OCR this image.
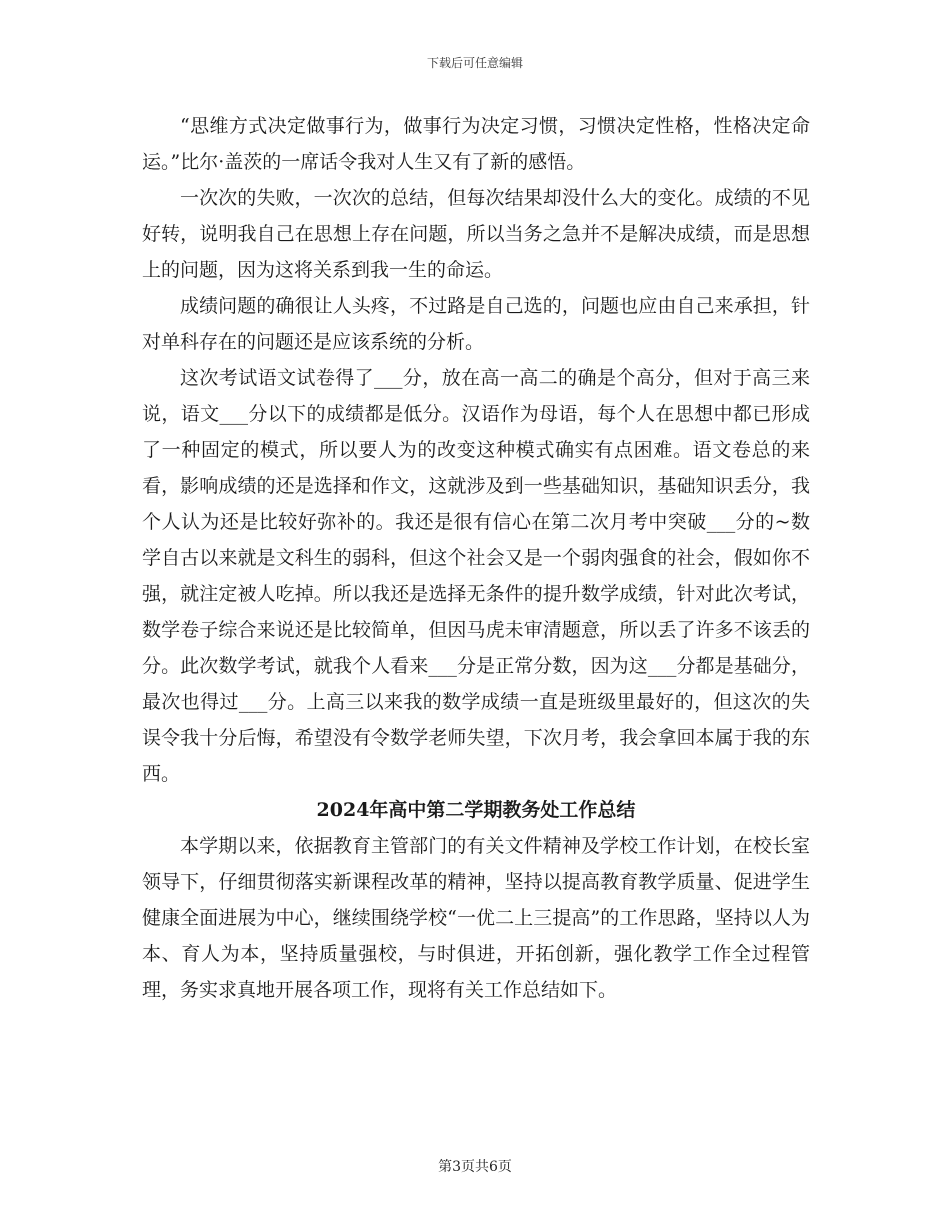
下载后可任意编辑

“思维方式决定做事行为，做事行为决定习惯，习惯决定性格，性格决定命运。”比尔·盖茨的一席话令我对人生又有了新的感悟。

一次次的失败，一次次的总结，但每次结果却没什么大的变化。成绩的不见好转，说明我自己在思想上存在问题，所以当务之急并不是解决成绩，而是思想上的问题，因为这将关系到我一生的命运。

成绩问题的确很让人头疼，不过路是自己选的，问题也应由自己来承担，针对单科存在的问题还是应该系统的分析。

这次考试语文试卷得了___分，放在高一高二的确是个高分，但对于高三来说，语文___分以下的成绩都是低分。汉语作为母语，每个人在思想中都已形成了一种固定的模式，所以要人为的改变这种模式确实有点困难。语文卷总的来看，影响成绩的还是选择和作文，这就涉及到一些基础知识，基础知识丢分，我个人认为还是比较好弥补的。我还是很有信心在第二次月考中突破___分的~数学自古以来就是文科生的弱科，但这个社会又是一个弱肉强食的社会，假如你不强，就注定被人吃掉。所以我还是选择无条件的提升数学成绩，针对此次考试，数学卷子综合来说还是比较简单，但因马虎未审清题意，所以丢了许多不该丢的分。此次数学考试，就我个人看来___分是正常分数，因为这___分都是基础分，最次也得过___分。上高三以来我的数学成绩一直是班级里最好的，但这次的失误令我十分后悔，希望没有令数学老师失望，下次月考，我会拿回本属于我的东西。

2024年高中第二学期教务处工作总结

本学期以来，依据教育主管部门的有关文件精神及学校工作计划，在校长室领导下，仔细贯彻落实新课程改革的精神，坚持以提高教育教学质量、促进学生健康全面进展为中心，继续围绕学校“一优二上三提高”的工作思路，坚持以人为本、育人为本，坚持质量强校，与时俱进，开拓创新，强化教学工作全过程管理，务实求真地开展各项工作，现将有关工作总结如下。

第3页共6页
